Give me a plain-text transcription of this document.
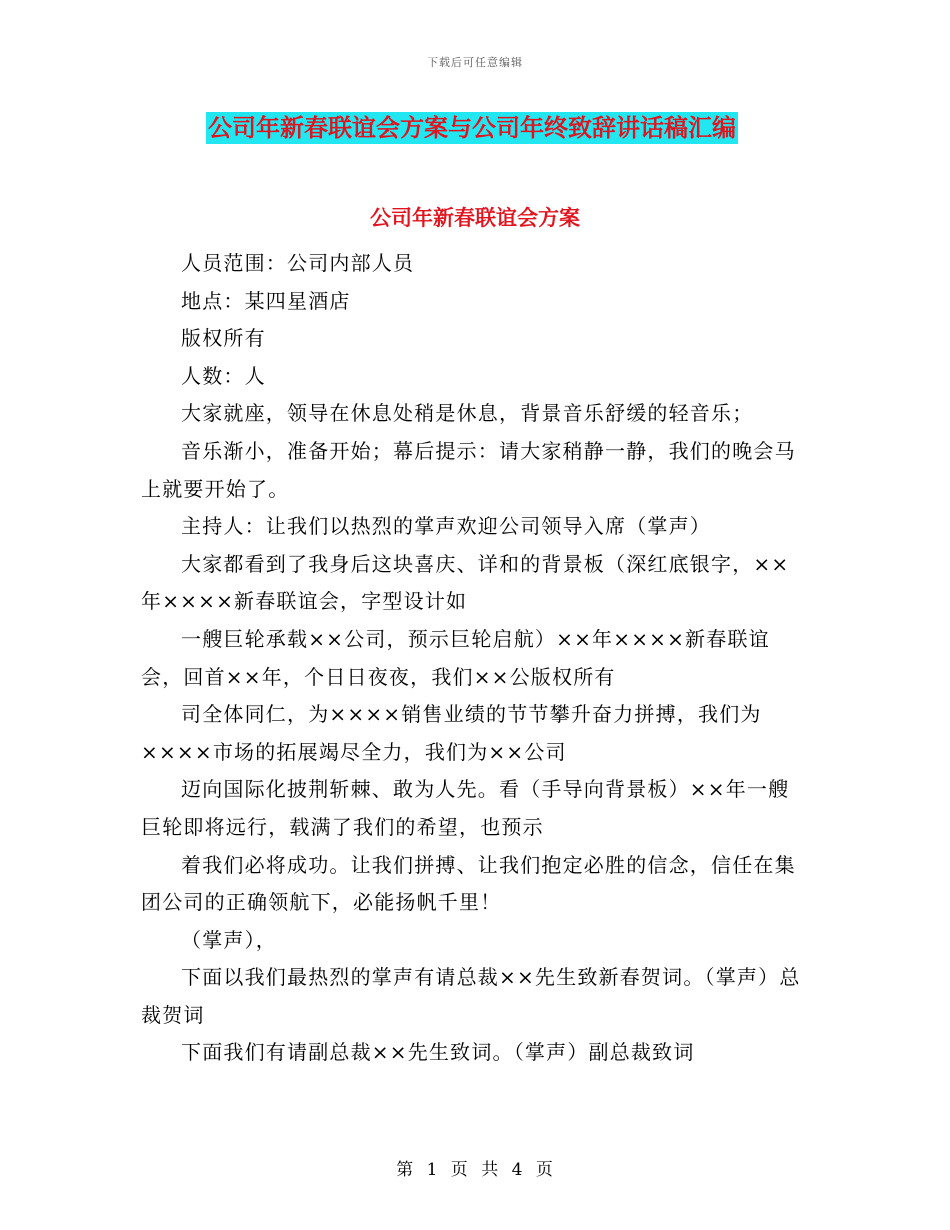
下载后可任意编辑
公司年新春联谊会方案与公司年终致辞讲话稿汇编
公司年新春联谊会方案

人员范围：公司内部人员

地点：某四星酒店

版权所有

人数：人

大家就座，领导在休息处稍是休息，背景音乐舒缓的轻音乐；

音乐渐小，准备开始；幕后提示：请大家稍静一静，我们的晚会马上就要开始了。

主持人：让我们以热烈的掌声欢迎公司领导入席（掌声）

大家都看到了我身后这块喜庆、详和的背景板（深红底银字，××年××××新春联谊会，字型设计如

一艘巨轮承载××公司，预示巨轮启航）××年××××新春联谊会，回首××年，个日日夜夜，我们××公版权所有

司全体同仁，为××××销售业绩的节节攀升奋力拼搏，我们为××××市场的拓展竭尽全力，我们为××公司

迈向国际化披荆斩棘、敢为人先。看（手导向背景板）××年一艘巨轮即将远行，载满了我们的希望，也预示

着我们必将成功。让我们拼搏、让我们抱定必胜的信念，信任在集团公司的正确领航下，必能扬帆千里！

（掌声），

下面以我们最热烈的掌声有请总裁××先生致新春贺词。（掌声）总裁贺词

下面我们有请副总裁××先生致词。（掌声）副总裁致词

第 1 页 共 4 页
